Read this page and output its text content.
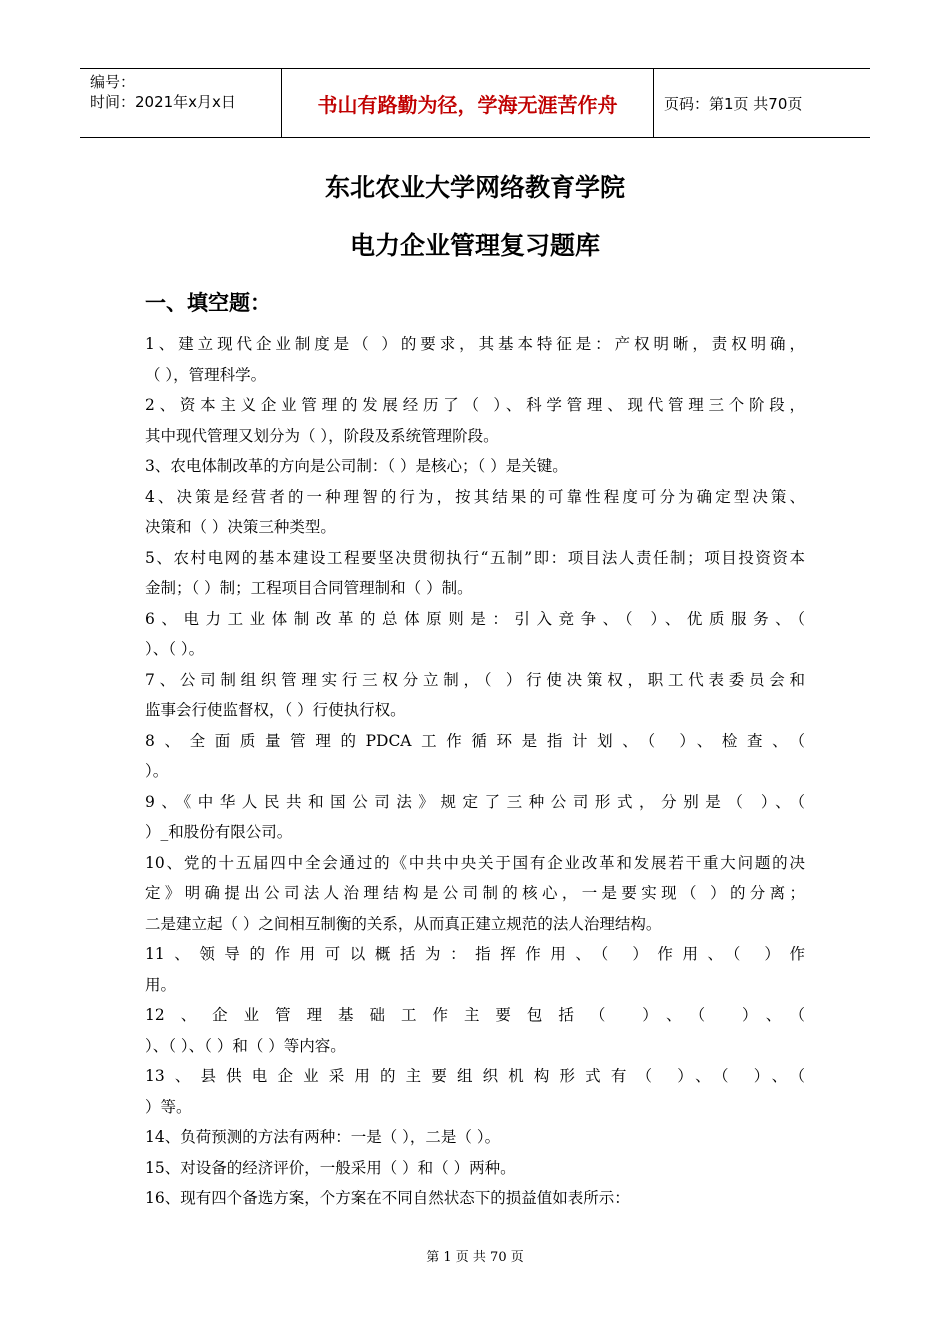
编号：
时间：2021年x月x日	书山有路勤为径，学海无涯苦作舟	页码：第1页 共70页
东北农业大学网络教育学院
电力企业管理复习题库
一、填空题：
1、建立现代企业制度是（ ）的要求，其基本特征是：产权明晰，责权明确，
（ ），管理科学。
2、资本主义企业管理的发展经历了（ ）、科学管理、现代管理三个阶段，
其中现代管理又划分为（ ），阶段及系统管理阶段。
3、农电体制改革的方向是公司制：（ ）是核心；（ ）是关键。
4、决策是经营者的一种理智的行为，按其结果的可靠性程度可分为确定型决策、
决策和（ ）决策三种类型。
5、农村电网的基本建设工程要坚决贯彻执行“五制”即：项目法人责任制；项目投资资本
金制；（ ）制；工程项目合同管理制和（ ）制。
6、电力工业体制改革的总体原则是：引入竞争、（ ）、优质服务、（
）、（ ）。
7、公司制组织管理实行三权分立制，（ ）行使决策权，职工代表委员会和
监事会行使监督权，（ ）行使执行权。
8、全面质量管理的PDCA工作循环是指计划、（ ）、检查、（
）。
9、《中华人民共和国公司法》规定了三种公司形式，分别是（ ）、（
）_和股份有限公司。
10、党的十五届四中全会通过的《中共中央关于国有企业改革和发展若干重大问题的决
定》明确提出公司法人治理结构是公司制的核心，一是要实现（ ）的分离；
二是建立起（ ）之间相互制衡的关系，从而真正建立规范的法人治理结构。
11、领导的作用可以概括为：指挥作用、（ ）作用、（ ）作
用。
12、企业管理基础工作主要包括（ ）、（ ）、（
）、（ ）、（ ）和（ ）等内容。
13、县供电企业采用的主要组织机构形式有（ ）、（ ）、（
）等。
14、负荷预测的方法有两种：一是（ ），二是（ ）。
15、对设备的经济评价，一般采用（ ）和（ ）两种。
16、现有四个备选方案，个方案在不同自然状态下的损益值如表所示：
第 1 页 共 70 页
